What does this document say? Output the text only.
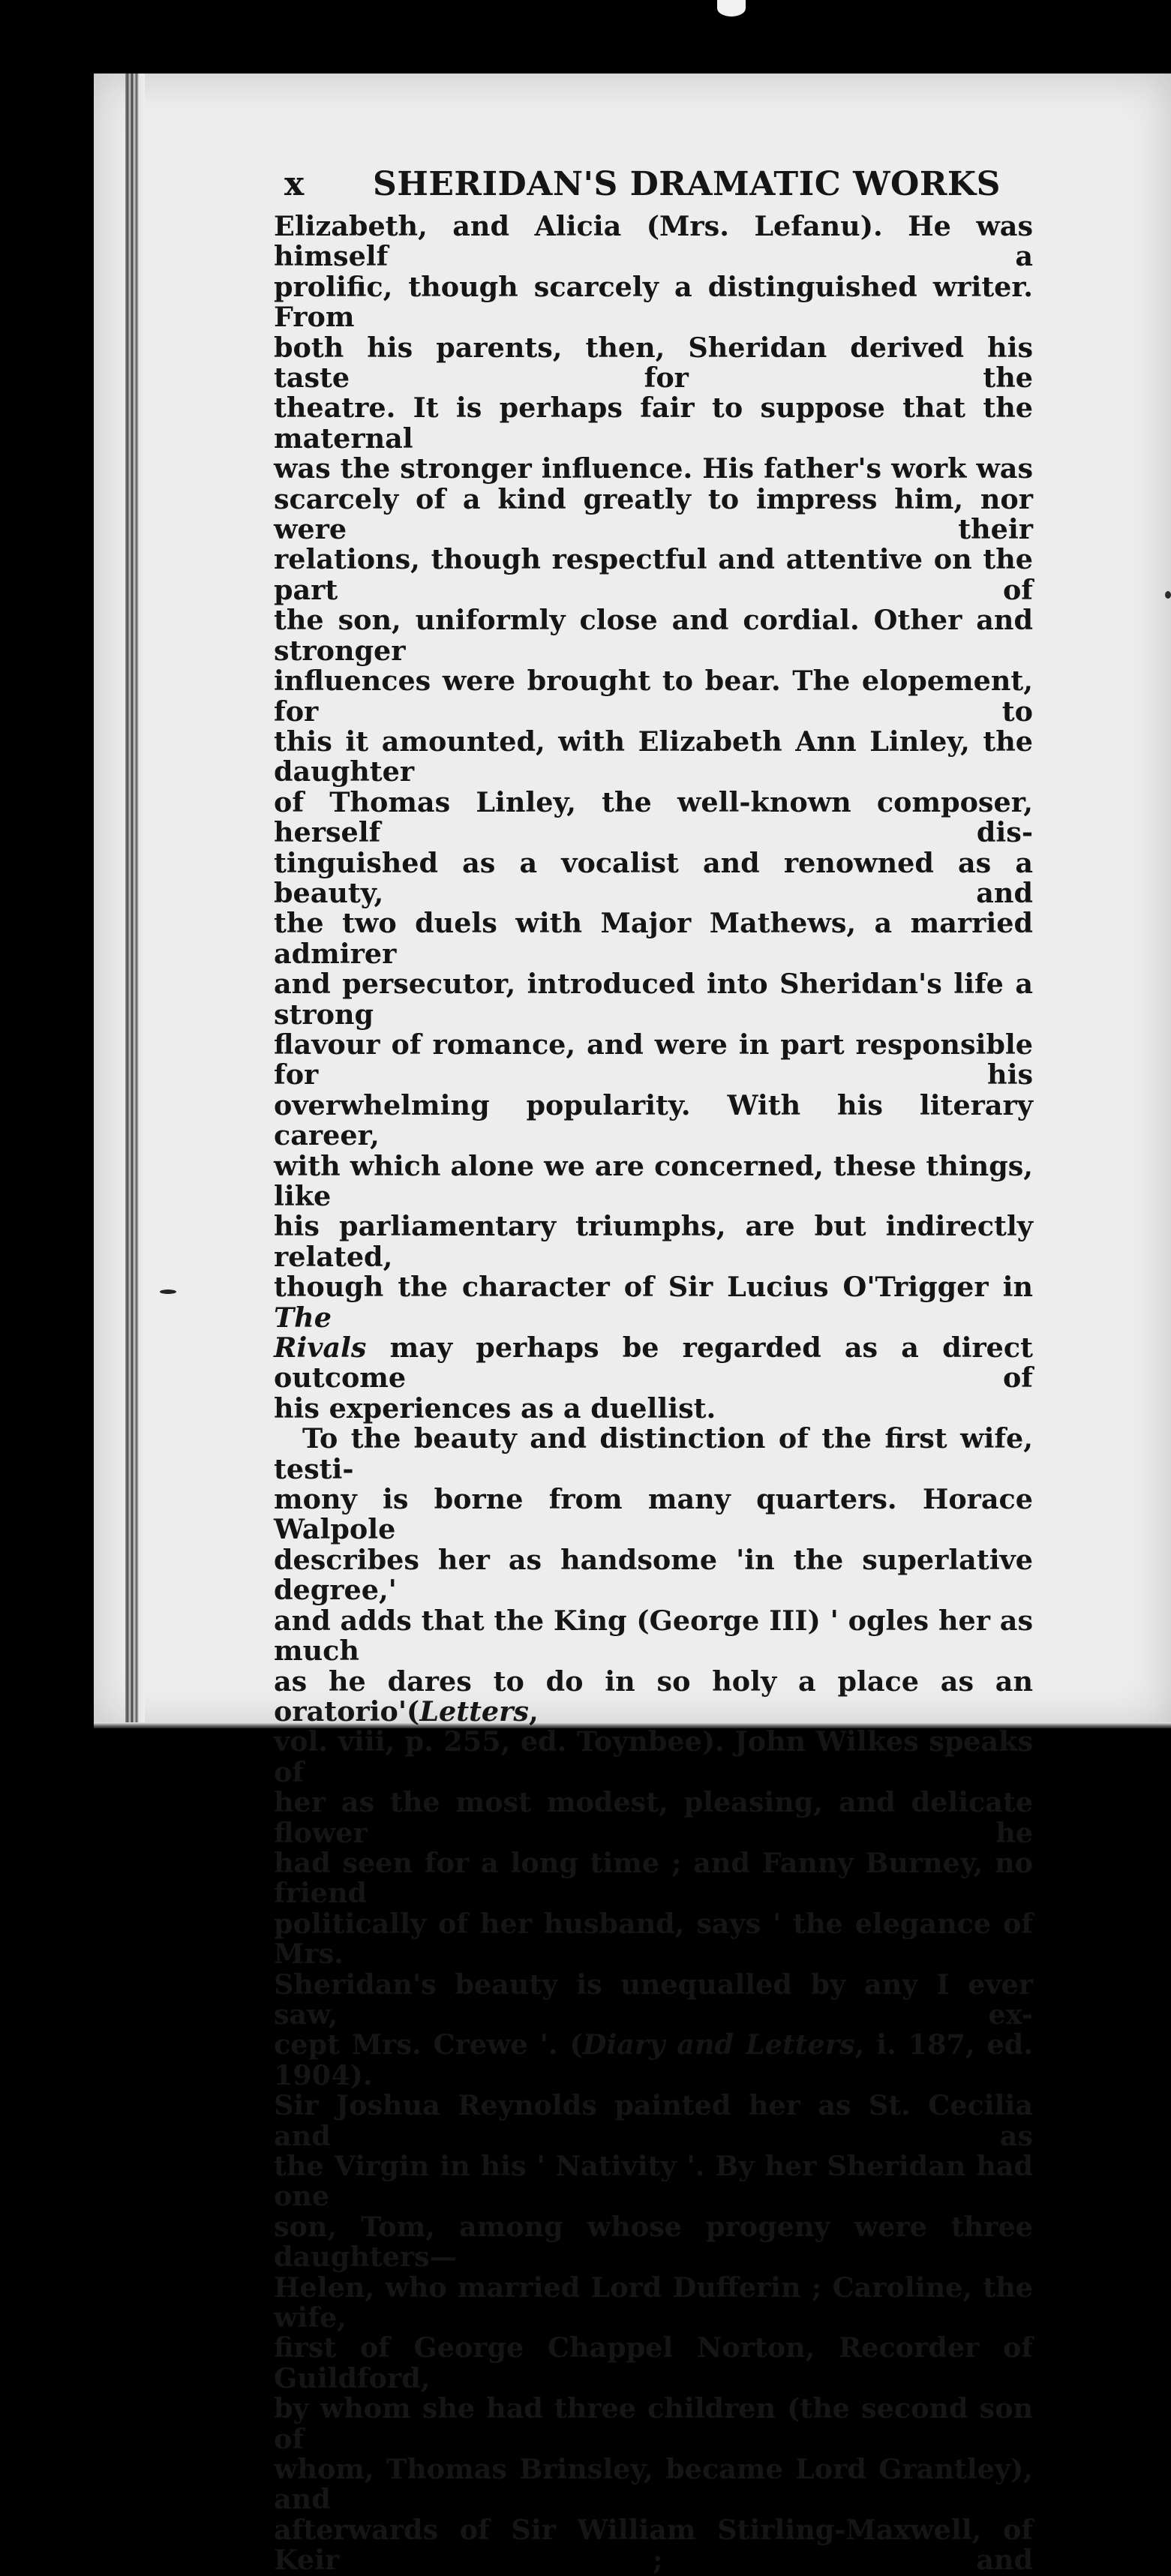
x	SHERIDAN'S DRAMATIC WORKS

Elizabeth, and Alicia (Mrs. Lefanu). He was himself a
prolific, though scarcely a distinguished writer. From
both his parents, then, Sheridan derived his taste for the
theatre. It is perhaps fair to suppose that the maternal
was the stronger influence. His father's work was
scarcely of a kind greatly to impress him, nor were their
relations, though respectful and attentive on the part of
the son, uniformly close and cordial. Other and stronger
influences were brought to bear. The elopement, for to
this it amounted, with Elizabeth Ann Linley, the daughter
of Thomas Linley, the well-known composer, herself dis-
tinguished as a vocalist and renowned as a beauty, and
the two duels with Major Mathews, a married admirer
and persecutor, introduced into Sheridan's life a strong
flavour of romance, and were in part responsible for his
overwhelming popularity. With his literary career,
with which alone we are concerned, these things, like
his parliamentary triumphs, are but indirectly related,
though the character of Sir Lucius O'Trigger in The
Rivals may perhaps be regarded as a direct outcome of
his experiences as a duellist.

To the beauty and distinction of the first wife, testi-
mony is borne from many quarters. Horace Walpole
describes her as handsome 'in the superlative degree,'
and adds that the King (George III) ' ogles her as much
as he dares to do in so holy a place as an oratorio'(Letters,
vol. viii, p. 255, ed. Toynbee). John Wilkes speaks of
her as the most modest, pleasing, and delicate flower he
had seen for a long time ; and Fanny Burney, no friend
politically of her husband, says ' the elegance of Mrs.
Sheridan's beauty is unequalled by any I ever saw, ex-
cept Mrs. Crewe '. (Diary and Letters, i. 187, ed. 1904).
Sir Joshua Reynolds painted her as St. Cecilia and as
the Virgin in his ' Nativity '. By her Sheridan had one
son, Tom, among whose progeny were three daughters—
Helen, who married Lord Dufferin ; Caroline, the wife,
first of George Chappel Norton, Recorder of Guildford,
by whom she had three children (the second son of
whom, Thomas Brinsley, became Lord Grantley), and
afterwards of Sir William Stirling-Maxwell, of Keir ; and
